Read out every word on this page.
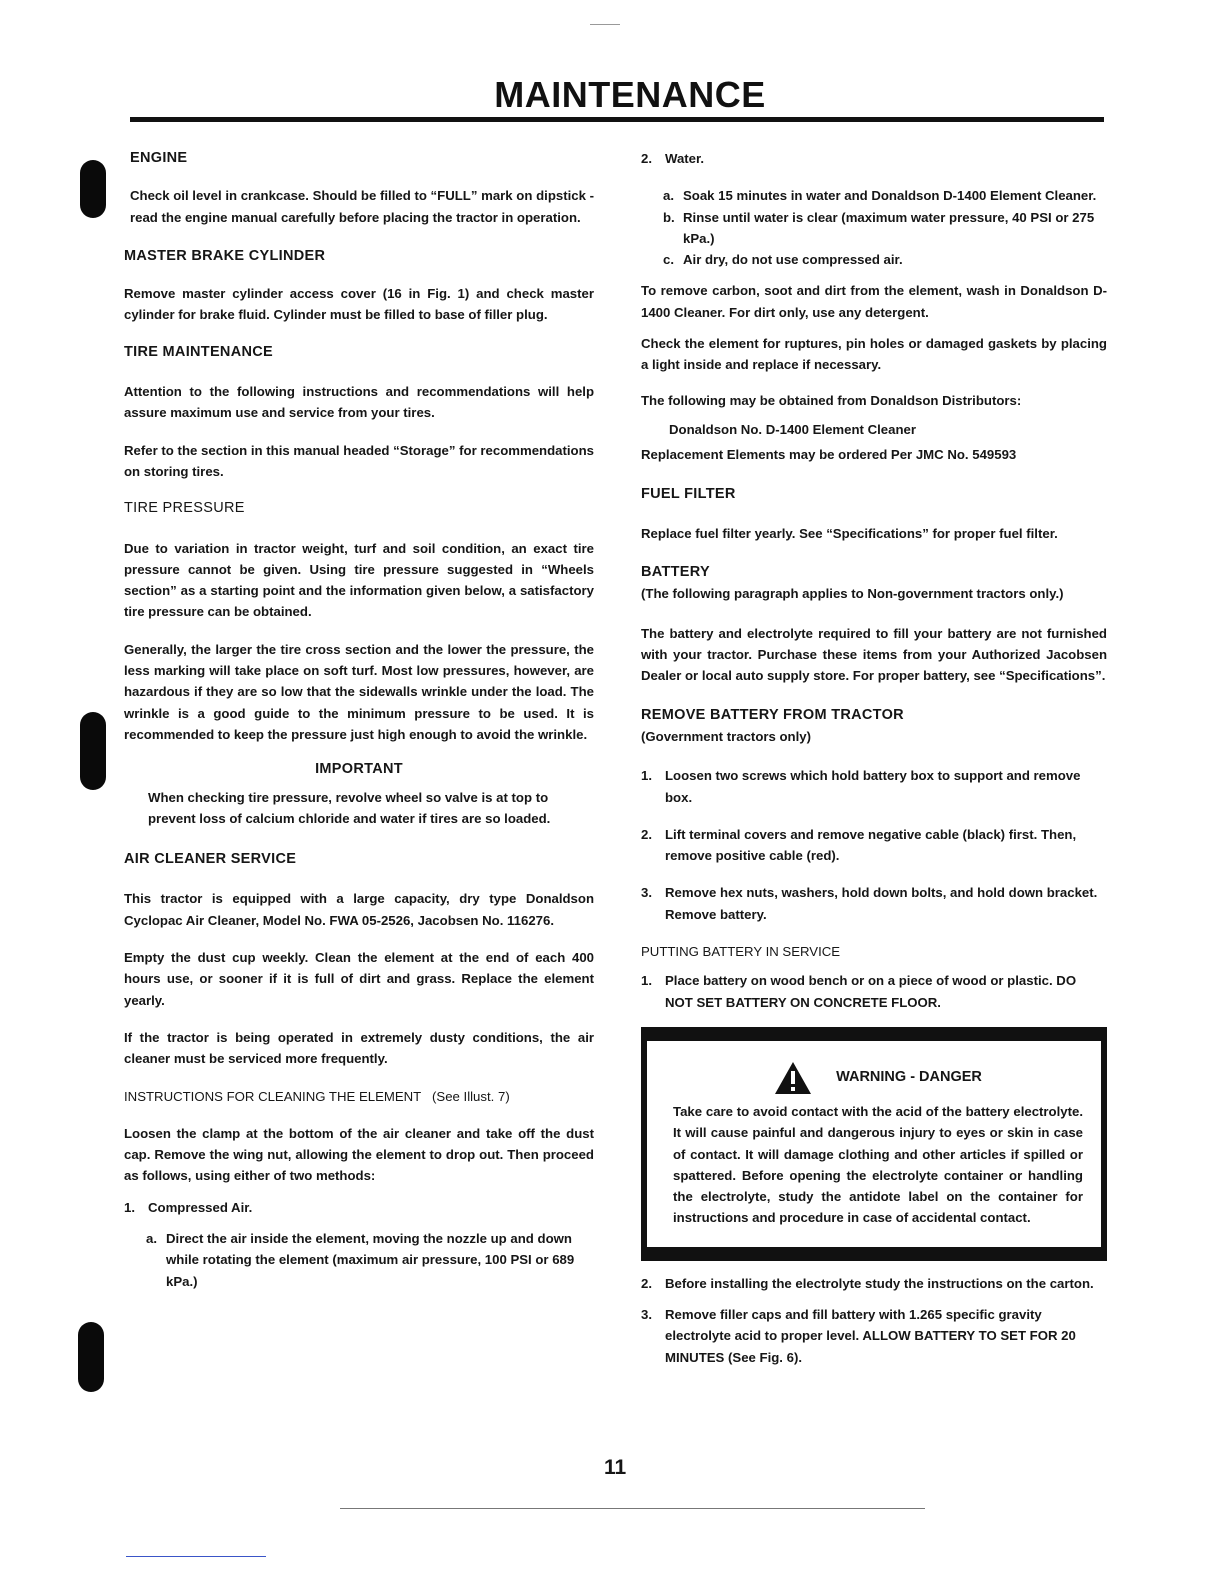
MAINTENANCE

ENGINE

Check oil level in crankcase. Should be filled to “FULL” mark on dipstick - read the engine manual carefully before placing the tractor in operation.

MASTER BRAKE CYLINDER

Remove master cylinder access cover (16 in Fig. 1) and check master cylinder for brake fluid. Cylinder must be filled to base of filler plug.

TIRE MAINTENANCE

Attention to the following instructions and recommendations will help assure maximum use and service from your tires.

Refer to the section in this manual headed “Storage” for recommendations on storing tires.

TIRE PRESSURE

Due to variation in tractor weight, turf and soil condition, an exact tire pressure cannot be given. Using tire pressure suggested in “Wheels section” as a starting point and the information given below, a satisfactory tire pressure can be obtained.

Generally, the larger the tire cross section and the lower the pressure, the less marking will take place on soft turf. Most low pressures, however, are hazardous if they are so low that the sidewalls wrinkle under the load. The wrinkle is a good guide to the minimum pressure to be used. It is recommended to keep the pressure just high enough to avoid the wrinkle.

IMPORTANT

When checking tire pressure, revolve wheel so valve is at top to prevent loss of calcium chloride and water if tires are so loaded.

AIR CLEANER SERVICE

This tractor is equipped with a large capacity, dry type Donaldson Cyclopac Air Cleaner, Model No. FWA 05-2526, Jacobsen No. 116276.

Empty the dust cup weekly. Clean the element at the end of each 400 hours use, or sooner if it is full of dirt and grass. Replace the element yearly.

If the tractor is being operated in extremely dusty conditions, the air cleaner must be serviced more frequently.

INSTRUCTIONS FOR CLEANING THE ELEMENT (See Illust. 7)

Loosen the clamp at the bottom of the air cleaner and take off the dust cap. Remove the wing nut, allowing the element to drop out. Then proceed as follows, using either of two methods:

1. Compressed Air.
a. Direct the air inside the element, moving the nozzle up and down while rotating the element (maximum air pressure, 100 PSI or 689 kPa.)
2. Water.
a. Soak 15 minutes in water and Donaldson D-1400 Element Cleaner.
b. Rinse until water is clear (maximum water pressure, 40 PSI or 275 kPa.)
c. Air dry, do not use compressed air.

To remove carbon, soot and dirt from the element, wash in Donaldson D-1400 Cleaner. For dirt only, use any detergent.

Check the element for ruptures, pin holes or damaged gaskets by placing a light inside and replace if necessary.

The following may be obtained from Donaldson Distributors:

Donaldson No. D-1400 Element Cleaner

Replacement Elements may be ordered Per JMC No. 549593

FUEL FILTER

Replace fuel filter yearly. See “Specifications” for proper fuel filter.

BATTERY

(The following paragraph applies to Non-government tractors only.)

The battery and electrolyte required to fill your battery are not furnished with your tractor. Purchase these items from your Authorized Jacobsen Dealer or local auto supply store. For proper battery, see “Specifications”.

REMOVE BATTERY FROM TRACTOR

(Government tractors only)

1. Loosen two screws which hold battery box to support and remove box.
2. Lift terminal covers and remove negative cable (black) first. Then, remove positive cable (red).
3. Remove hex nuts, washers, hold down bolts, and hold down bracket. Remove battery.

PUTTING BATTERY IN SERVICE

1. Place battery on wood bench or on a piece of wood or plastic. DO NOT SET BATTERY ON CONCRETE FLOOR.
WARNING - DANGER

Take care to avoid contact with the acid of the battery electrolyte. It will cause painful and dangerous injury to eyes or skin in case of contact. It will damage clothing and other articles if spilled or spattered. Before opening the electrolyte container or handling the electrolyte, study the antidote label on the container for instructions and procedure in case of accidental contact.

2. Before installing the electrolyte study the instructions on the carton.
3. Remove filler caps and fill battery with 1.265 specific gravity electrolyte acid to proper level. ALLOW BATTERY TO SET FOR 20 MINUTES (See Fig. 6).
11
